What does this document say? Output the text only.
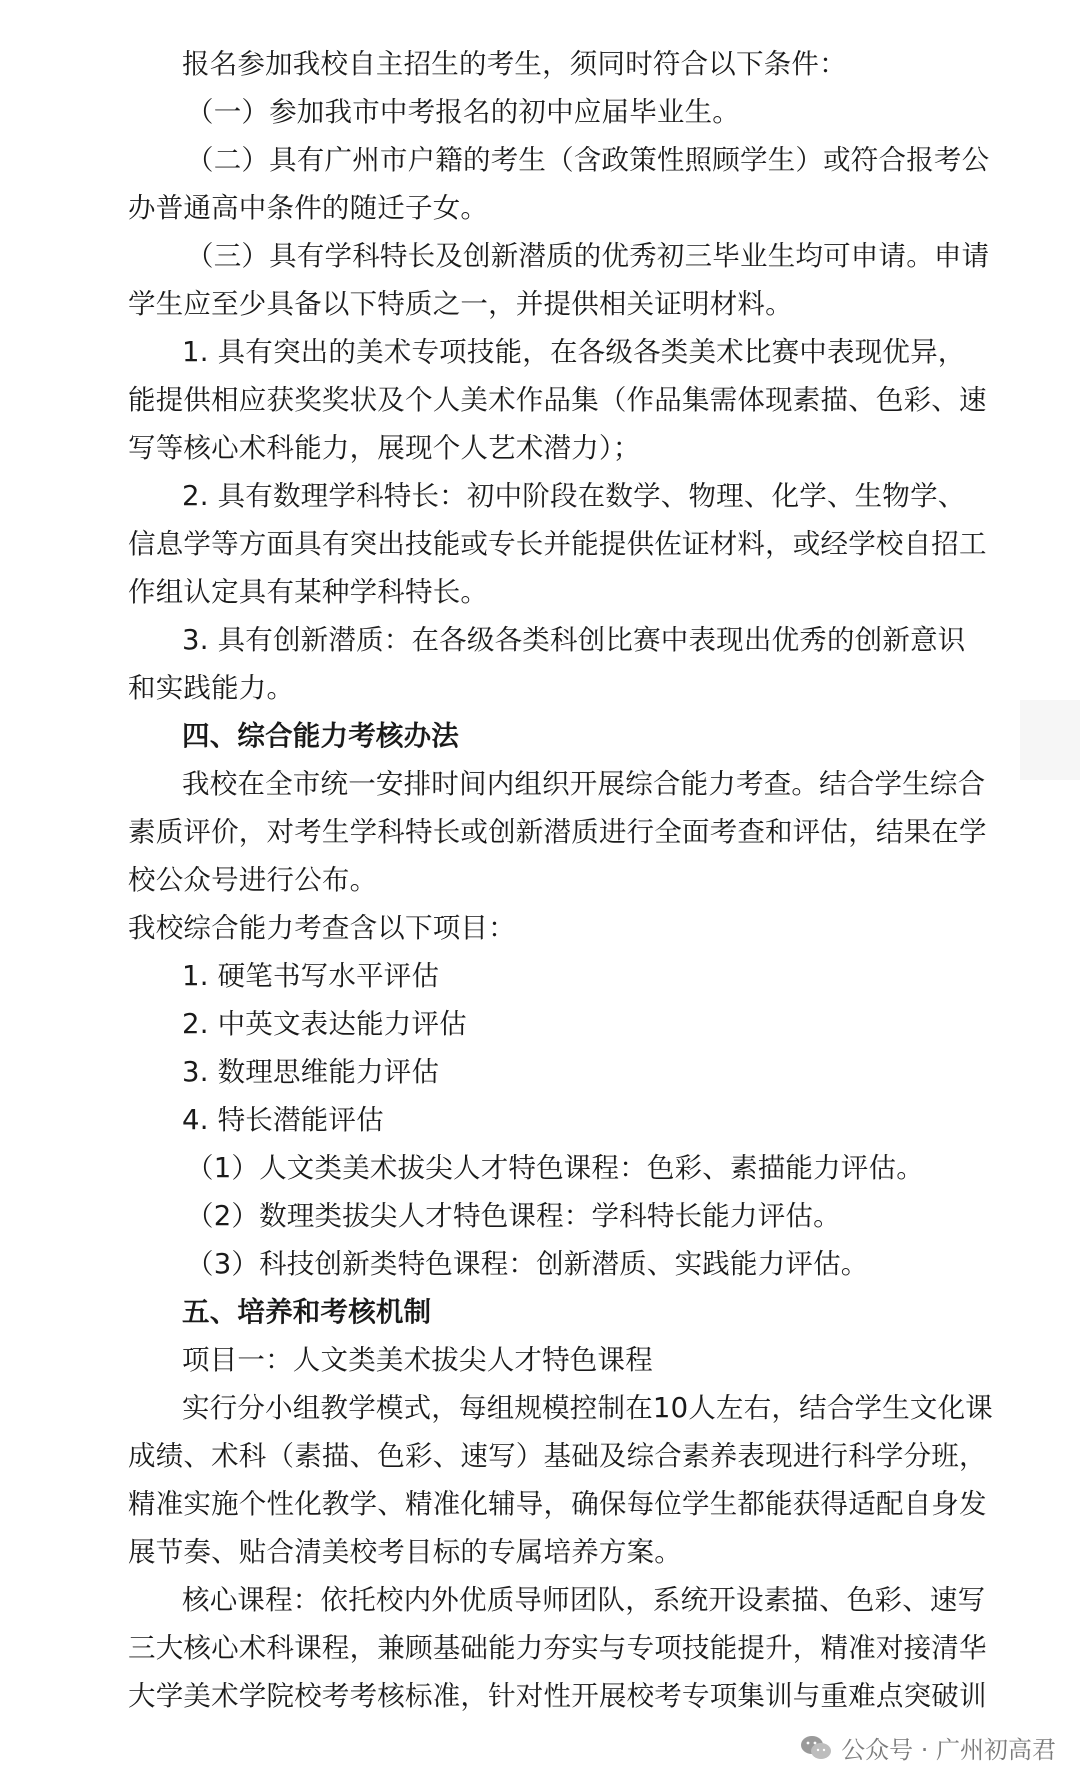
报名参加我校自主招生的考生，须同时符合以下条件：

（一）参加我市中考报名的初中应届毕业生。

（二）具有广州市户籍的考生（含政策性照顾学生）或符合报考公

办普通高中条件的随迁子女。

（三）具有学科特长及创新潜质的优秀初三毕业生均可申请。申请

学生应至少具备以下特质之一，并提供相关证明材料。

1. 具有突出的美术专项技能，在各级各类美术比赛中表现优异，

能提供相应获奖奖状及个人美术作品集（作品集需体现素描、色彩、速

写等核心术科能力，展现个人艺术潜力）；

2. 具有数理学科特长：初中阶段在数学、物理、化学、生物学、

信息学等方面具有突出技能或专长并能提供佐证材料，或经学校自招工

作组认定具有某种学科特长。

3. 具有创新潜质：在各级各类科创比赛中表现出优秀的创新意识

和实践能力。

四、综合能力考核办法

我校在全市统一安排时间内组织开展综合能力考查。结合学生综合

素质评价，对考生学科特长或创新潜质进行全面考查和评估，结果在学

校公众号进行公布。

我校综合能力考查含以下项目：

1. 硬笔书写水平评估

2. 中英文表达能力评估

3. 数理思维能力评估

4. 特长潜能评估

（1）人文类美术拔尖人才特色课程：色彩、素描能力评估。

（2）数理类拔尖人才特色课程：学科特长能力评估。

（3）科技创新类特色课程：创新潜质、实践能力评估。

五、培养和考核机制

项目一：人文类美术拔尖人才特色课程

实行分小组教学模式，每组规模控制在10人左右，结合学生文化课

成绩、术科（素描、色彩、速写）基础及综合素养表现进行科学分班，

精准实施个性化教学、精准化辅导，确保每位学生都能获得适配自身发

展节奏、贴合清美校考目标的专属培养方案。

核心课程：依托校内外优质导师团队，系统开设素描、色彩、速写

三大核心术科课程，兼顾基础能力夯实与专项技能提升，精准对接清华

大学美术学院校考考核标准，针对性开展校考专项集训与重难点突破训

公众号 · 广州初高君
